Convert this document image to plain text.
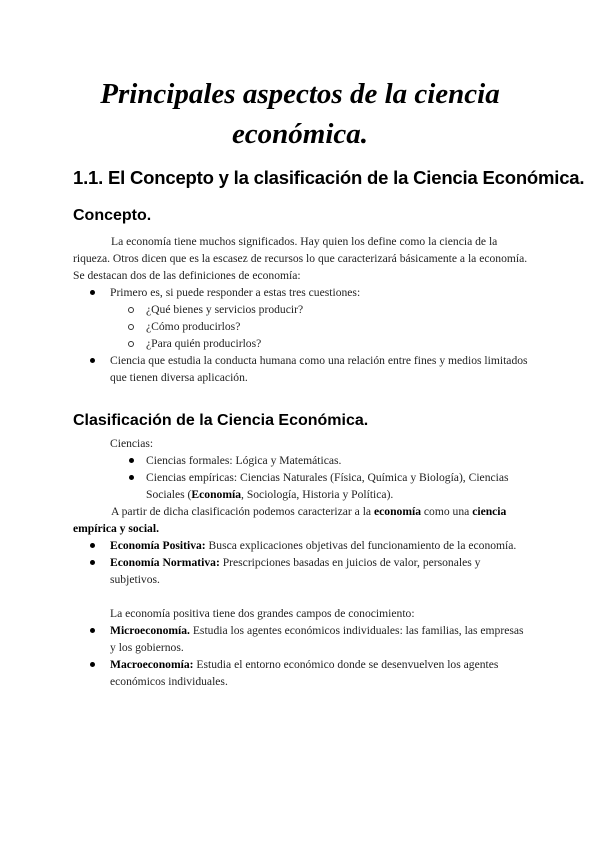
Principales aspectos de la ciencia
económica.
1.1. El Concepto y la clasificación de la Ciencia Económica.
Concepto.

La economía tiene muchos significados. Hay quien los define como la ciencia de la riqueza. Otros dicen que es la escasez de recursos lo que caracterizará básicamente a la economía. Se destacan dos de las definiciones de economía:

Primero es, si puede responder a estas tres cuestiones:
¿Qué bienes y servicios producir?
¿Cómo producirlos?
¿Para quién producirlos?
Ciencia que estudia la conducta humana como una relación entre fines y medios limitados que tienen diversa aplicación.
Clasificación de la Ciencia Económica.

Ciencias:

Ciencias formales: Lógica y Matemáticas.
Ciencias empíricas: Ciencias Naturales (Física, Química y Biología), Ciencias Sociales (Economía, Sociología, Historia y Política).

A partir de dicha clasificación podemos caracterizar a la economía como una ciencia empírica y social.

Economía Positiva: Busca explicaciones objetivas del funcionamiento de la economía.
Economía Normativa: Prescripciones basadas en juicios de valor, personales y subjetivos.

La economía positiva tiene dos grandes campos de conocimiento:

Microeconomía. Estudia los agentes económicos individuales: las familias, las empresas y los gobiernos.
Macroeconomía: Estudia el entorno económico donde se desenvuelven los agentes económicos individuales.
